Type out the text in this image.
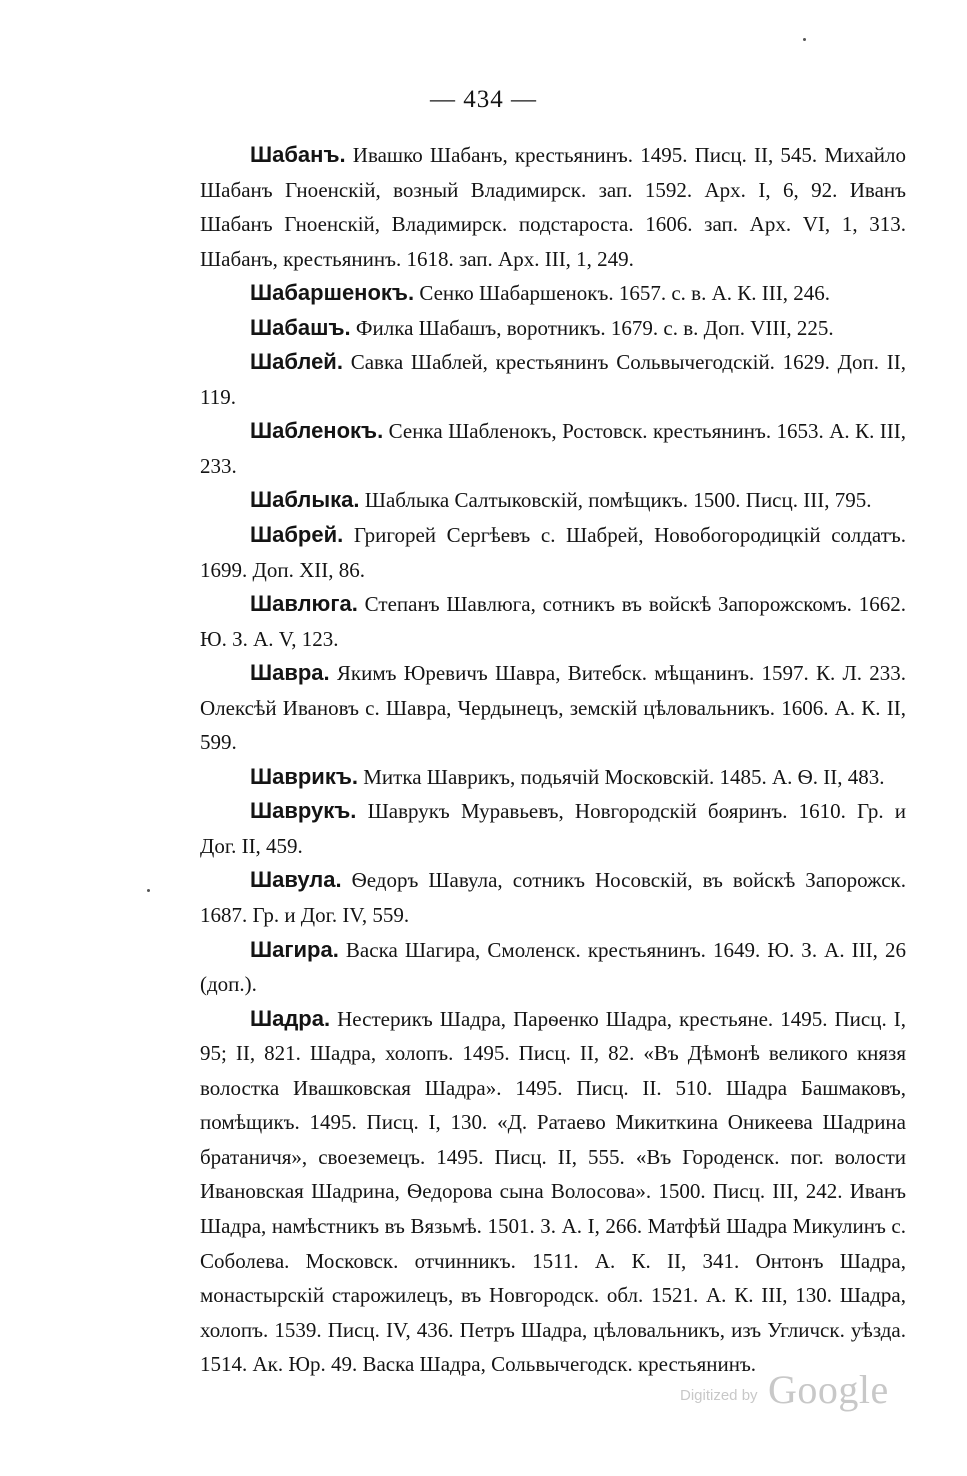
— 434 —

Шабанъ. Ивашко Шабанъ, крестьянинъ. 1495. Писц. II, 545. Михайло Шабанъ Гноенскій, возный Владимирск. зап. 1592. Арх. I, 6, 92. Иванъ Шабанъ Гноенскій, Владимирск. подстароста. 1606. зап. Арх. VI, 1, 313. Шабанъ, крестьянинъ. 1618. зап. Арх. III, 1, 249.

Шабаршенокъ. Сенко Шабаршенокъ. 1657. с. в. А. К. III, 246.

Шабашъ. Филка Шабашъ, воротникъ. 1679. с. в. Доп. VIII, 225.

Шаблей. Савка Шаблей, крестьянинъ Сольвычегодскій. 1629. Доп. II, 119.

Шабленокъ. Сенка Шабленокъ, Ростовск. крестьянинъ. 1653. А. К. III, 233.

Шаблыка. Шаблыка Салтыковскій, помѣщикъ. 1500. Писц. III, 795.

Шабрей. Григорей Сергѣевъ с. Шабрей, Новобогородицкій солдатъ. 1699. Доп. XII, 86.

Шавлюга. Степанъ Шавлюга, сотникъ въ войскѣ Запорожскомъ. 1662. Ю. З. А. V, 123.

Шавра. Якимъ Юревичъ Шавра, Витебск. мѣщанинъ. 1597. К. Л. 233. Олексѣй Ивановъ с. Шавра, Чердынецъ, земскій цѣловальникъ. 1606. А. К. II, 599.

Шаврикъ. Митка Шаврикъ, подьячій Московскій. 1485. А. Ѳ. II, 483.

Шаврукъ. Шаврукъ Муравьевъ, Новгородскій бояринъ. 1610. Гр. и Дог. II, 459.

Шавула. Ѳедоръ Шавула, сотникъ Носовскій, въ войскѣ Запорожск. 1687. Гр. и Дог. IV, 559.

Шагира. Васка Шагира, Смоленск. крестьянинъ. 1649. Ю. З. А. III, 26 (доп.).

Шадра. Нестерикъ Шадра, Парѳенко Шадра, крестьяне. 1495. Писц. I, 95; II, 821. Шадра, холопъ. 1495. Писц. II, 82. «Въ Дѣмонѣ великого князя волостка Ивашковская Шадра». 1495. Писц. II. 510. Шадра Башмаковъ, помѣщикъ. 1495. Писц. I, 130. «Д. Ратаево Микиткина Оникеева Шадрина братаничя», своеземецъ. 1495. Писц. II, 555. «Въ Городенск. пог. волости Ивановская Шадрина, Ѳедорова сына Волосова». 1500. Писц. III, 242. Иванъ Шадра, намѣстникъ въ Вязьмѣ. 1501. З. А. I, 266. Матфѣй Шадра Микулинъ с. Соболева. Московск. отчинникъ. 1511. А. К. II, 341. Онтонъ Шадра, монастырскій старожилецъ, въ Новгородск. обл. 1521. А. К. III, 130. Шадра, холопъ. 1539. Писц. IV, 436. Петръ Шадра, цѣловальникъ, изъ Угличск. уѣзда. 1514. Ак. Юр. 49. Васка Шадра, Сольвычегодск. крестьянинъ.

Digitized by Google
